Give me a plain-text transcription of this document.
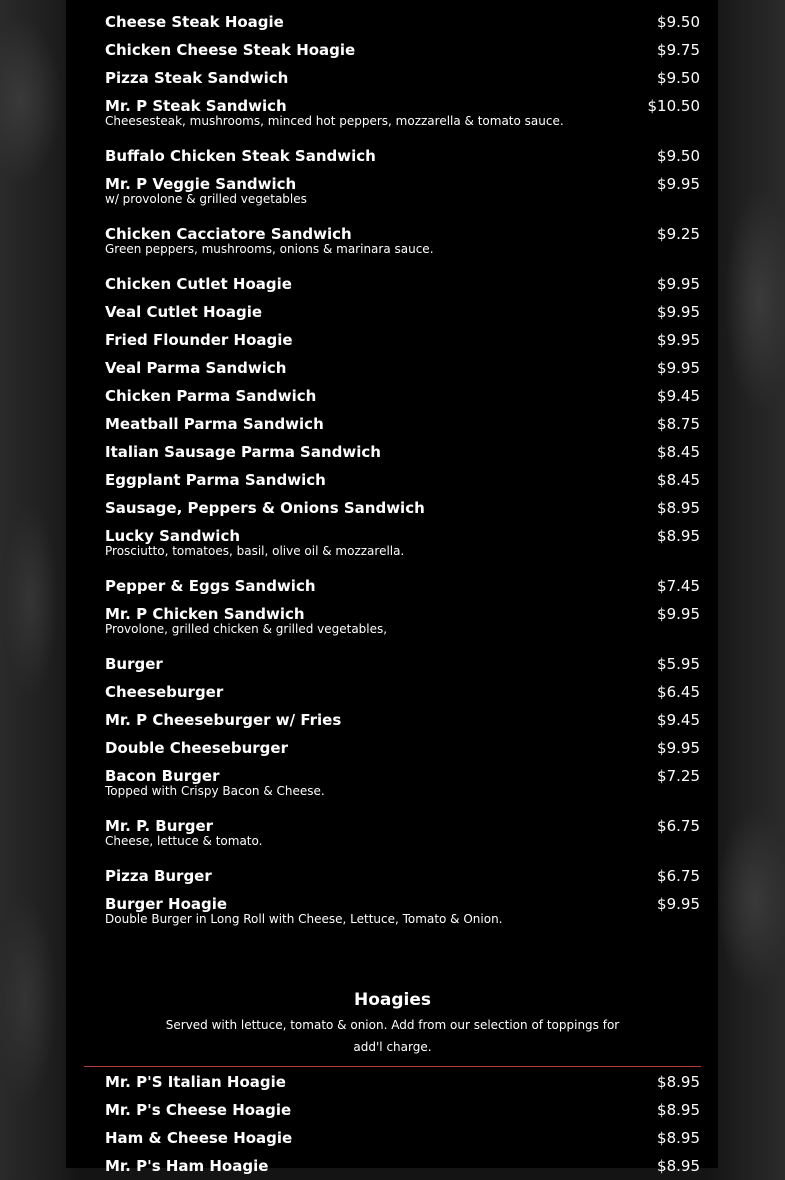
Cheese Steak Hoagie	$9.50
Chicken Cheese Steak Hoagie	$9.75
Pizza Steak Sandwich	$9.50
Mr. P Steak Sandwich	$10.50
Cheesesteak, mushrooms, minced hot peppers, mozzarella & tomato sauce.
Buffalo Chicken Steak Sandwich	$9.50
Mr. P Veggie Sandwich	$9.95
w/ provolone & grilled vegetables
Chicken Cacciatore Sandwich	$9.25
Green peppers, mushrooms, onions & marinara sauce.
Chicken Cutlet Hoagie	$9.95
Veal Cutlet Hoagie	$9.95
Fried Flounder Hoagie	$9.95
Veal Parma Sandwich	$9.95
Chicken Parma Sandwich	$9.45
Meatball Parma Sandwich	$8.75
Italian Sausage Parma Sandwich	$8.45
Eggplant Parma Sandwich	$8.45
Sausage, Peppers & Onions Sandwich	$8.95
Lucky Sandwich	$8.95
Prosciutto, tomatoes, basil, olive oil & mozzarella.
Pepper & Eggs Sandwich	$7.45
Mr. P Chicken Sandwich	$9.95
Provolone, grilled chicken & grilled vegetables,
Burger	$5.95
Cheeseburger	$6.45
Mr. P Cheeseburger w/ Fries	$9.45
Double Cheeseburger	$9.95
Bacon Burger	$7.25
Topped with Crispy Bacon & Cheese.
Mr. P. Burger	$6.75
Cheese, lettuce & tomato.
Pizza Burger	$6.75
Burger Hoagie	$9.95
Double Burger in Long Roll with Cheese, Lettuce, Tomato & Onion.
Hoagies
Served with lettuce, tomato & onion. Add from our selection of toppings for add'l charge.
Mr. P'S Italian Hoagie	$8.95
Mr. P's Cheese Hoagie	$8.95
Ham & Cheese Hoagie	$8.95
Mr. P's Ham Hoagie	$8.95
